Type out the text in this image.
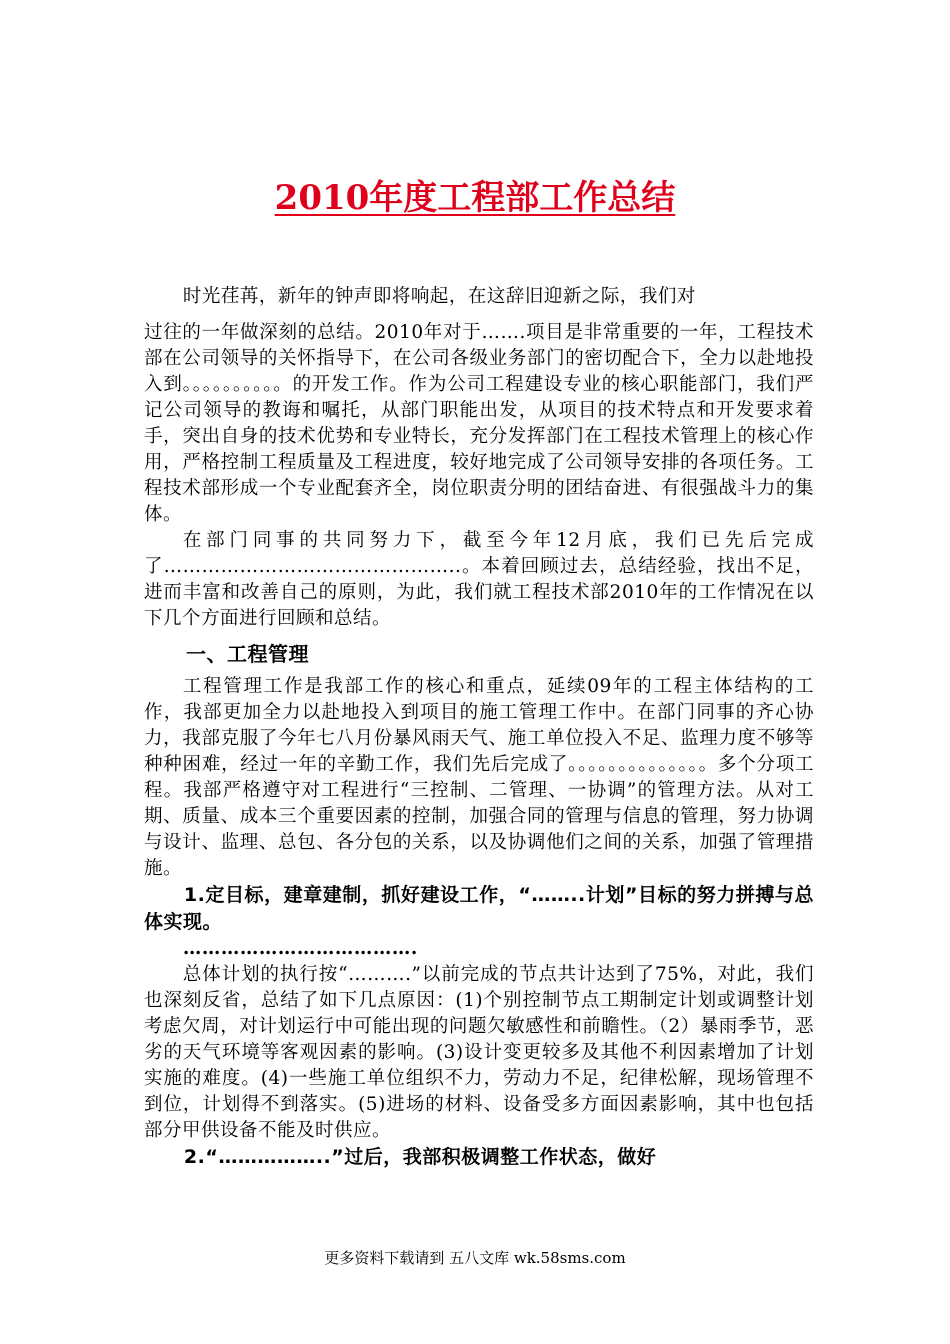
2010年度工程部工作总结

时光荏苒，新年的钟声即将响起，在这辞旧迎新之际，我们对

过往的一年做深刻的总结。2010年对于…….项目是非常重要的一年，工程技术部在公司领导的关怀指导下，在公司各级业务部门的密切配合下，全力以赴地投入到。。。。。。。。。。的开发工作。作为公司工程建设专业的核心职能部门，我们严记公司领导的教诲和嘱托，从部门职能出发，从项目的技术特点和开发要求着手，突出自身的技术优势和专业特长，充分发挥部门在工程技术管理上的核心作用，严格控制工程质量及工程进度，较好地完成了公司领导安排的各项任务。工程技术部形成一个专业配套齐全，岗位职责分明的团结奋进、有很强战斗力的集体。

在部门同事的共同努力下，截至今年12月底，我们已先后完成了………………………………………..。本着回顾过去，总结经验，找出不足，进而丰富和改善自己的原则，为此，我们就工程技术部2010年的工作情况在以下几个方面进行回顾和总结。

一、工程管理

工程管理工作是我部工作的核心和重点，延续09年的工程主体结构的工作，我部更加全力以赴地投入到项目的施工管理工作中。在部门同事的齐心协力，我部克服了今年七八月份暴风雨天气、施工单位投入不足、监理力度不够等种种困难，经过一年的辛勤工作，我们先后完成了。。。。。。。。。。。。。。多个分项工程。我部严格遵守对工程进行“三控制、二管理、一协调”的管理方法。从对工期、质量、成本三个重要因素的控制，加强合同的管理与信息的管理，努力协调与设计、监理、总包、各分包的关系，以及协调他们之间的关系，加强了管理措施。

1.定目标，建章建制，抓好建设工作，“……..计划”目标的努力拼搏与总体实现。

……………………………….

总体计划的执行按“……….”以前完成的节点共计达到了75%，对此，我们也深刻反省，总结了如下几点原因：(1)个别控制节点工期制定计划或调整计划考虑欠周，对计划运行中可能出现的问题欠敏感性和前瞻性。（2）暴雨季节，恶劣的天气环境等客观因素的影响。(3)设计变更较多及其他不利因素增加了计划实施的难度。(4)一些施工单位组织不力，劳动力不足，纪律松解，现场管理不到位，计划得不到落实。(5)进场的材料、设备受多方面因素影响，其中也包括部分甲供设备不能及时供应。

2.“……………..”过后，我部积极调整工作状态，做好

更多资料下载请到 五八文库 wk.58sms.com
